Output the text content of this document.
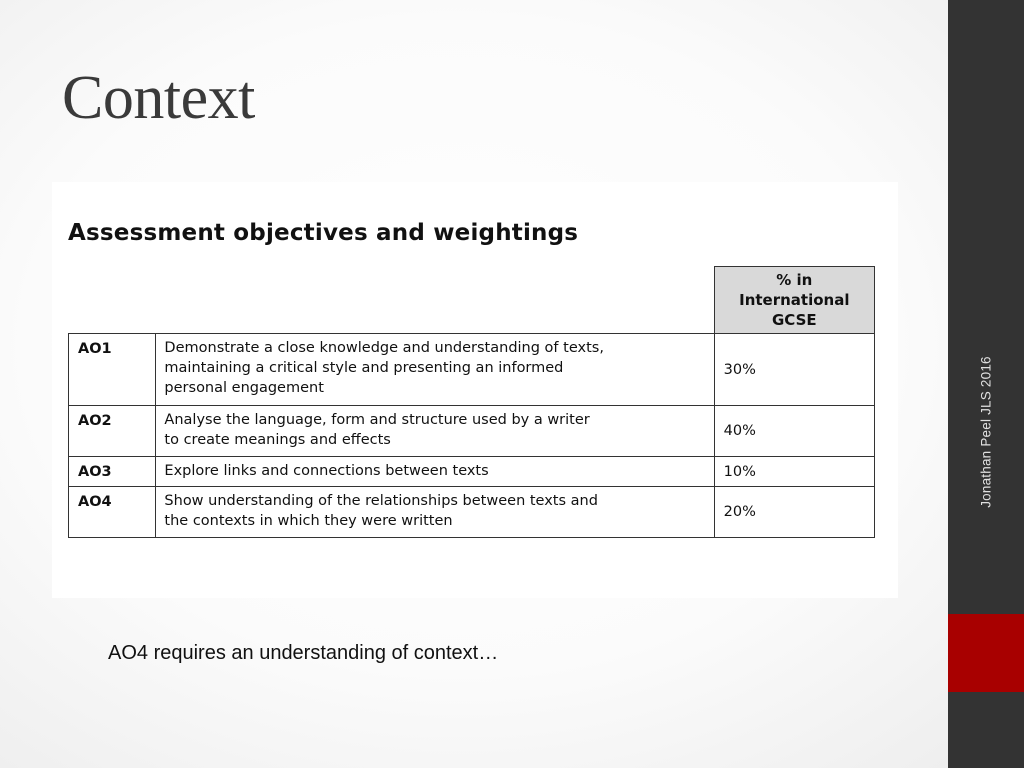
Context
Assessment objectives and weightings
		% in
International
GCSE
AO1	Demonstrate a close knowledge and understanding of texts,
maintaining a critical style and presenting an informed
personal engagement	30%
AO2	Analyse the language, form and structure used by a writer
to create meanings and effects	40%
AO3	Explore links and connections between texts	10%
AO4	Show understanding of the relationships between texts and
the contexts in which they were written	20%
AO4 requires an understanding of context…
Jonathan Peel JLS 2016
